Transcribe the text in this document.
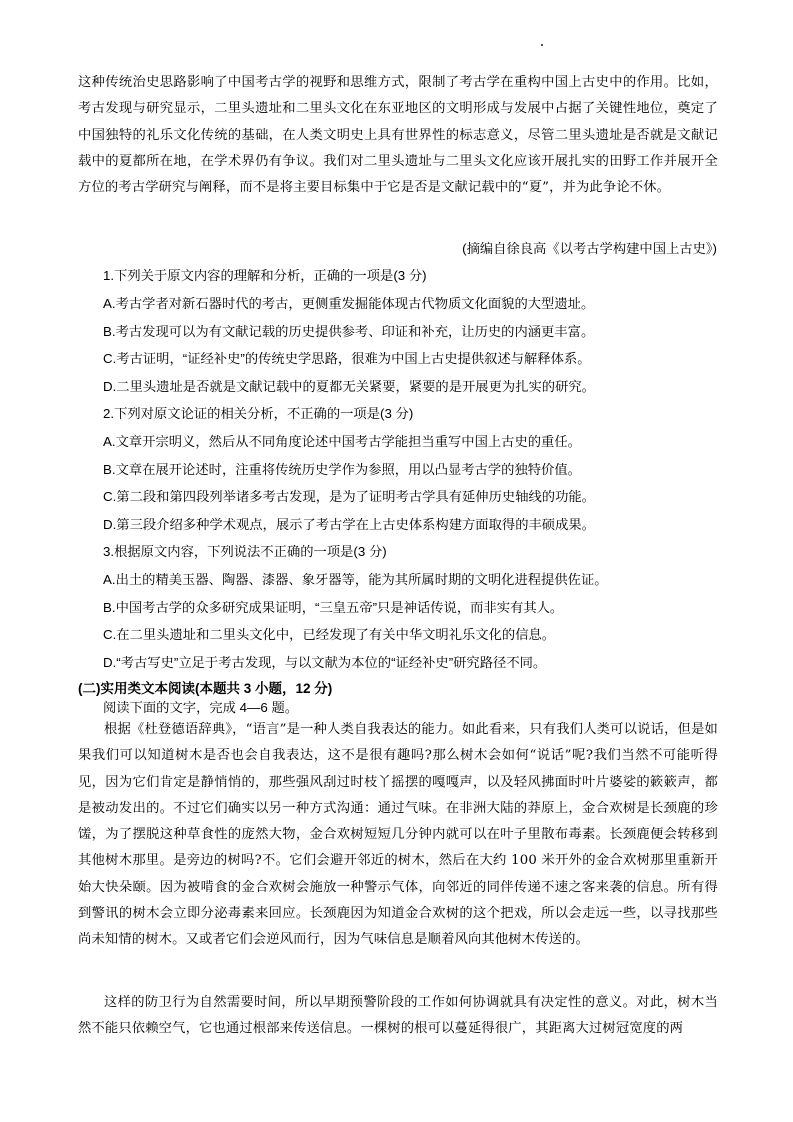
这种传统治史思路影响了中国考古学的视野和思维方式，限制了考古学在重构中国上古史中的作用。比如，考古发现与研究显示，二里头遗址和二里头文化在东亚地区的文明形成与发展中占据了关键性地位，奠定了中国独特的礼乐文化传统的基础，在人类文明史上具有世界性的标志意义，尽管二里头遗址是否就是文献记载中的夏都所在地，在学术界仍有争议。我们对二里头遗址与二里头文化应该开展扎实的田野工作并展开全方位的考古学研究与阐释，而不是将主要目标集中于它是否是文献记载中的“夏”，并为此争论不休。
(摘编自徐良高《以考古学构建中国上古史》)
1.下列关于原文内容的理解和分析，正确的一项是(3 分)
A.考古学者对新石器时代的考古，更侧重发掘能体现古代物质文化面貌的大型遗址。
B.考古发现可以为有文献记载的历史提供参考、印证和补充，让历史的内涵更丰富。
C.考古证明，“证经补史”的传统史学思路，很难为中国上古史提供叙述与解释体系。
D.二里头遗址是否就是文献记载中的夏都无关紧要，紧要的是开展更为扎实的研究。
2.下列对原文论证的相关分析，不正确的一项是(3 分)
A.文章开宗明义，然后从不同角度论述中国考古学能担当重写中国上古史的重任。
B.文章在展开论述时，注重将传统历史学作为参照，用以凸显考古学的独特价值。
C.第二段和第四段列举诸多考古发现，是为了证明考古学具有延伸历史轴线的功能。
D.第三段介绍多种学术观点，展示了考古学在上古史体系构建方面取得的丰硕成果。
3.根据原文内容，下列说法不正确的一项是(3 分)
A.出土的精美玉器、陶器、漆器、象牙器等，能为其所属时期的文明化进程提供佐证。
B.中国考古学的众多研究成果证明，“三皇五帝”只是神话传说，而非实有其人。
C.在二里头遗址和二里头文化中，已经发现了有关中华文明礼乐文化的信息。
D.“考古写史”立足于考古发现，与以文献为本位的“证经补史”研究路径不同。
(二)实用类文本阅读(本题共 3 小题，12 分)
阅读下面的文字，完成 4—6 题。
根据《杜登德语辞典》，“语言”是一种人类自我表达的能力。如此看来，只有我们人类可以说话，但是如果我们可以知道树木是否也会自我表达，这不是很有趣吗?那么树木会如何“说话”呢?我们当然不可能听得见，因为它们肯定是静悄悄的，那些强风刮过时枝丫摇摆的嘎嘎声，以及轻风拂面时叶片婆娑的簌簌声，都是被动发出的。不过它们确实以另一种方式沟通：通过气味。在非洲大陆的莽原上，金合欢树是长颈鹿的珍馐，为了摆脱这种草食性的庞然大物，金合欢树短短几分钟内就可以在叶子里散布毒素。长颈鹿便会转移到其他树木那里。是旁边的树吗?不。它们会避开邻近的树木，然后在大约 100 米开外的金合欢树那里重新开始大快朵颐。因为被啃食的金合欢树会施放一种警示气体，向邻近的同伴传递不速之客来袭的信息。所有得到警讯的树木会立即分泌毒素来回应。长颈鹿因为知道金合欢树的这个把戏，所以会走远一些，以寻找那些尚未知情的树木。又或者它们会逆风而行，因为气味信息是顺着风向其他树木传送的。
这样的防卫行为自然需要时间，所以早期预警阶段的工作如何协调就具有决定性的意义。对此，树木当然不能只依赖空气，它也通过根部来传送信息。一棵树的根可以蔓延得很广，其距离大过树冠宽度的两
